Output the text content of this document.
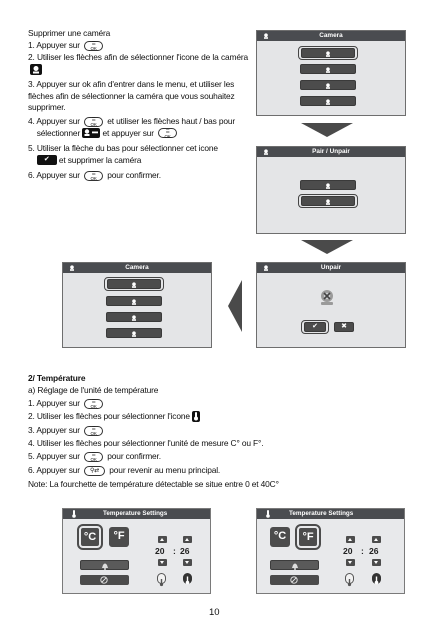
Supprimer une caméra
1. Appuyer sur	☰
OK
2. Utiliser les flèches afin de sélectionner l'icone de la caméra
3. Appuyer sur ok afin d'entrer dans le menu, et utiliser les flèches afin de sélectionner la caméra que vous souhaitez supprimer.
4. Appuyer sur	☰
OK et utiliser les flèches haut / bas pour
sélectionner	et appuyer sur	☰
OK
5. Utiliser la flèche du bas pour sélectionner cet icone
✔ et supprimer la caméra
6. Appuyer sur	☰
OK pour confirmer.
Camera
Pair / Unpair
Camera	Unpair
✔	✖
2/ Température
a) Réglage de l'unité de température
1. Appuyer sur	☰
OK
2. Utiliser les flèches pour sélectionner l'icone
3. Appuyer sur	☰
OK
4. Utiliser les flèches pour sélectionner l'unité de mesure C° ou F°.
5. Appuyer sur	☰
OK pour confirmer.
6. Appuyer sur ⚲⇄ pour revenir au menu principal.
Note: La fourchette de température détectable se situe entre 0 et 40C°
Temperature Settings
°C	°F
20 : 26
Temperature Settings
°C	°F
20 : 26
10
